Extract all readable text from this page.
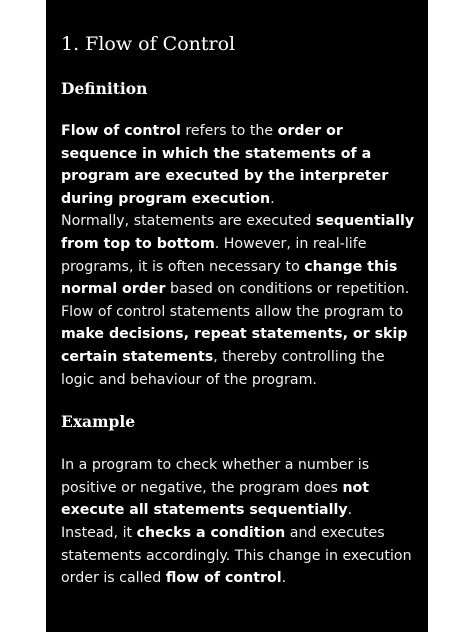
1. Flow of Control
Definition

Flow of control refers to the order or sequence in which the statements of a program are executed by the interpreter during program execution.

Normally, statements are executed sequentially from top to bottom. However, in real-life programs, it is often necessary to change this normal order based on conditions or repetition.

Flow of control statements allow the program to make decisions, repeat statements, or skip certain statements, thereby controlling the logic and behaviour of the program.

Example

In a program to check whether a number is positive or negative, the program does not execute all statements sequentially.

Instead, it checks a condition and executes statements accordingly. This change in execution order is called flow of control.
